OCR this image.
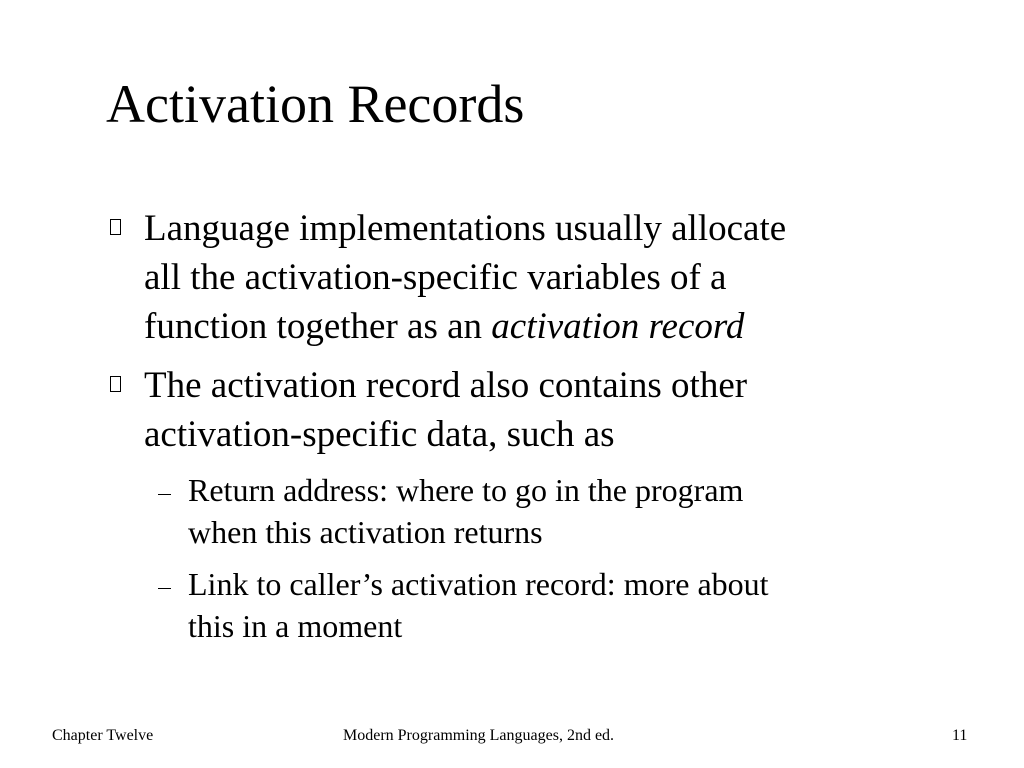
Activation Records
Language implementations usually allocate
all the activation-specific variables of a
function together as an activation record
The activation record also contains other
activation-specific data, such as
Return address: where to go in the program
when this activation returns
Link to caller’s activation record: more about
this in a moment
Chapter Twelve	Modern Programming Languages, 2nd ed.	11
